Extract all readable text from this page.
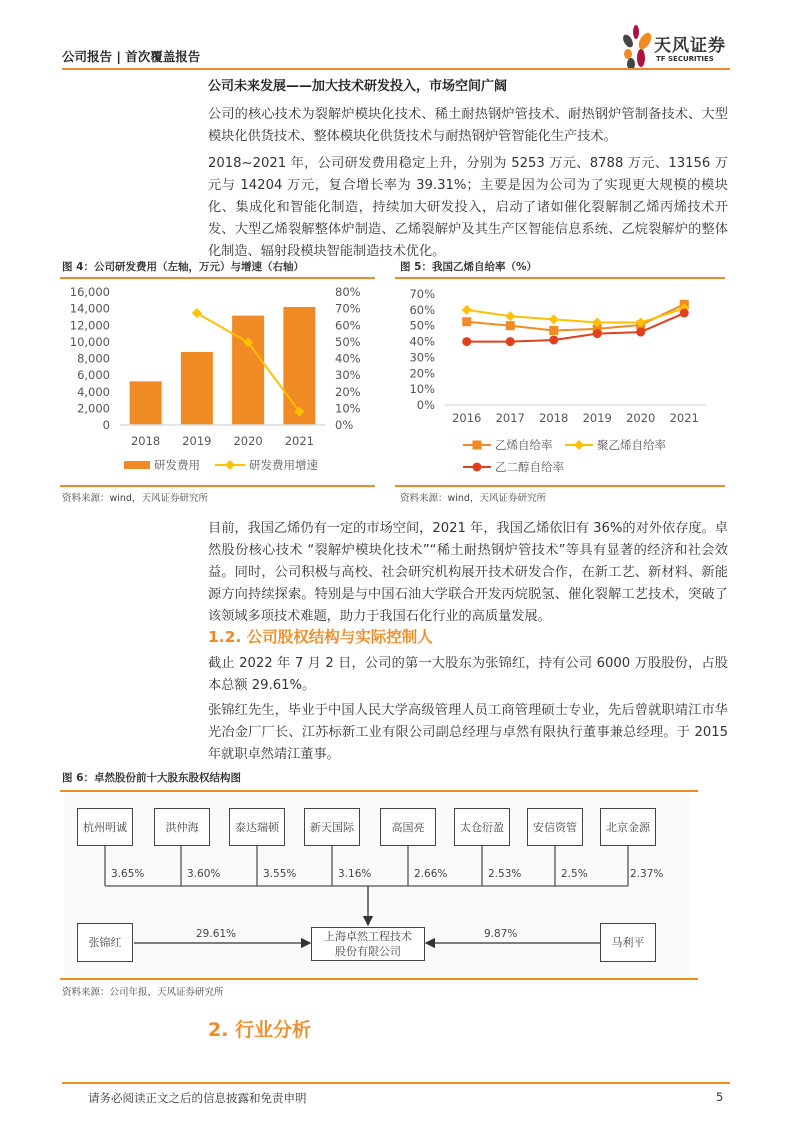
公司报告 | 首次覆盖报告
天风证券
TF SECURITIES
公司未来发展——加大技术研发投入，市场空间广阔
公司的核心技术为裂解炉模块化技术、稀土耐热钢炉管技术、耐热钢炉管制备技术、大型模块化供货技术、整体模块化供货技术与耐热钢炉管智能化生产技术。
2018~2021 年，公司研发费用稳定上升，分别为 5253 万元、8788 万元、13156 万元与 14204 万元，复合增长率为 39.31%；主要是因为公司为了实现更大规模的模块化、集成化和智能化制造，持续加大研发投入，启动了诸如催化裂解制乙烯丙烯技术开发、大型乙烯裂解整体炉制造、乙烯裂解炉及其生产区智能信息系统、乙烷裂解炉的整体化制造、辐射段模块智能制造技术优化。
图 4：公司研发费用（左轴，万元）与增速（右轴）
0
2,000
4,000
6,000
8,000
10,000
12,000
14,000
16,000
0%
10%
20%
30%
40%
50%
60%
70%
80%
2018 2019 2020 2021
研发费用	研发费用增速
资料来源：wind，天风证券研究所
图 5：我国乙烯自给率（%）
0%
10%
20%
30%
40%
50%
60%
70%
2016 2017 2018 2019 2020 2021
乙烯自给率	聚乙烯自给率
乙二醇自给率
资料来源：wind，天风证券研究所
目前，我国乙烯仍有一定的市场空间，2021 年，我国乙烯依旧有 36%的对外依存度。卓然股份核心技术 “裂解炉模块化技术”“稀土耐热钢炉管技术”等具有显著的经济和社会效益。同时，公司积极与高校、社会研究机构展开技术研发合作，在新工艺、新材料、新能源方向持续探索。特别是与中国石油大学联合开发丙烷脱氢、催化裂解工艺技术，突破了该领域多项技术难题，助力于我国石化行业的高质量发展。
1.2. 公司股权结构与实际控制人
截止 2022 年 7 月 2 日，公司的第一大股东为张锦红，持有公司 6000 万股股份，占股本总额 29.61%。
张锦红先生，毕业于中国人民大学高级管理人员工商管理硕士专业，先后曾就职靖江市华光冶金厂厂长、江苏标新工业有限公司副总经理与卓然有限执行董事兼总经理。于 2015 年就职卓然靖江董事。
图 6：卓然股份前十大股东股权结构图
杭州明诚	洪仲海	泰达瑞顿	新天国际	高国亮	太仓衍盈	安信资管	北京金源
3.65%	3.60%	3.55%	3.16%	2.66%	2.53%	2.5%	2.37%
张锦红
29.61%	上海卓然工程技术股份有限公司
9.87%
马利平
资料来源：公司年报，天风证券研究所
2. 行业分析
请务必阅读正文之后的信息披露和免责申明	5
